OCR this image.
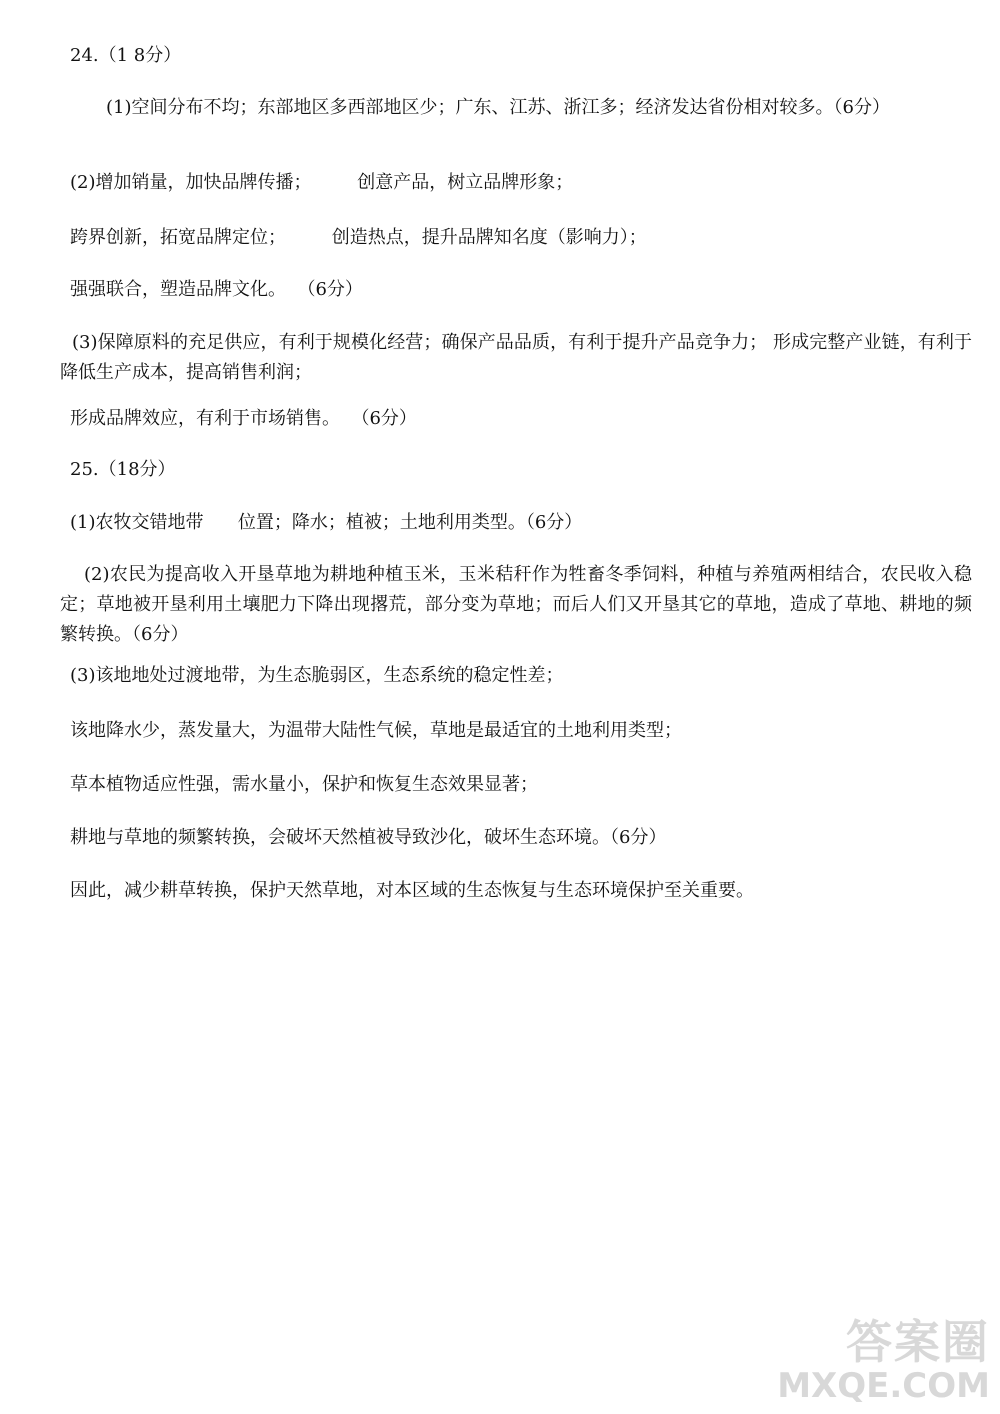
24.（1 8分）
(1)空间分布不均；东部地区多西部地区少；广东、江苏、浙江多；经济发达省份相对较多。（6分）
(2)增加销量，加快品牌传播；        创意产品，树立品牌形象；
跨界创新，拓宽品牌定位；        创造热点，提升品牌知名度（影响力）；
强强联合，塑造品牌文化。  （6分）
(3)保障原料的充足供应，有利于规模化经营；确保产品品质，有利于提升产品竞争力； 形成完整产业链，有利于降低生产成本，提高销售利润；
形成品牌效应，有利于市场销售。  （6分）
25.（18分）
(1)农牧交错地带      位置；降水；植被；土地利用类型。（6分）
(2)农民为提高收入开垦草地为耕地种植玉米，玉米秸秆作为牲畜冬季饲料，种植与养殖两相结合，农民收入稳定；草地被开垦利用土壤肥力下降出现撂荒，部分变为草地；而后人们又开垦其它的草地，造成了草地、耕地的频繁转换。（6分）
(3)该地地处过渡地带，为生态脆弱区，生态系统的稳定性差；
该地降水少，蒸发量大，为温带大陆性气候，草地是最适宜的土地利用类型；
草本植物适应性强，需水量小，保护和恢复生态效果显著；
耕地与草地的频繁转换，会破坏天然植被导致沙化，破坏生态环境。（6分）
因此，减少耕草转换，保护天然草地，对本区域的生态恢复与生态环境保护至关重要。
答案圈
MXQE.COM
